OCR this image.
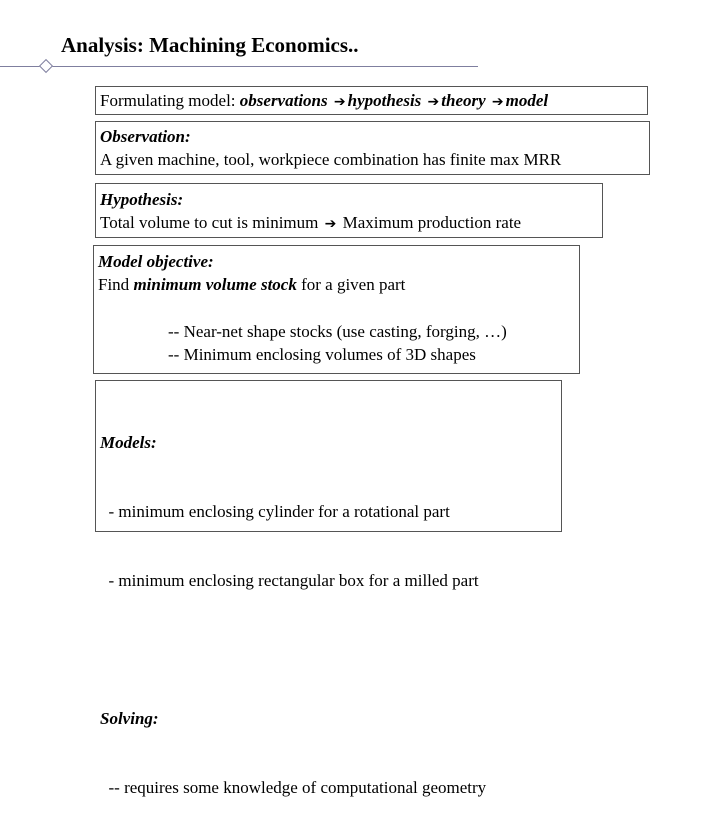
Analysis: Machining Economics..
Formulating model: observations ➔ hypothesis ➔ theory ➔ model
Observation:
A given machine, tool, workpiece combination has finite max MRR
Hypothesis:
Total volume to cut is minimum ➔ Maximum production rate
Model objective:
Find minimum volume stock for a given part
-- Near-net shape stocks (use casting, forging, …)
-- Minimum enclosing volumes of 3D shapes

Models:

- minimum enclosing cylinder for a rotational part

- minimum enclosing rectangular box for a milled part

Solving:

-- requires some knowledge of computational geometry
